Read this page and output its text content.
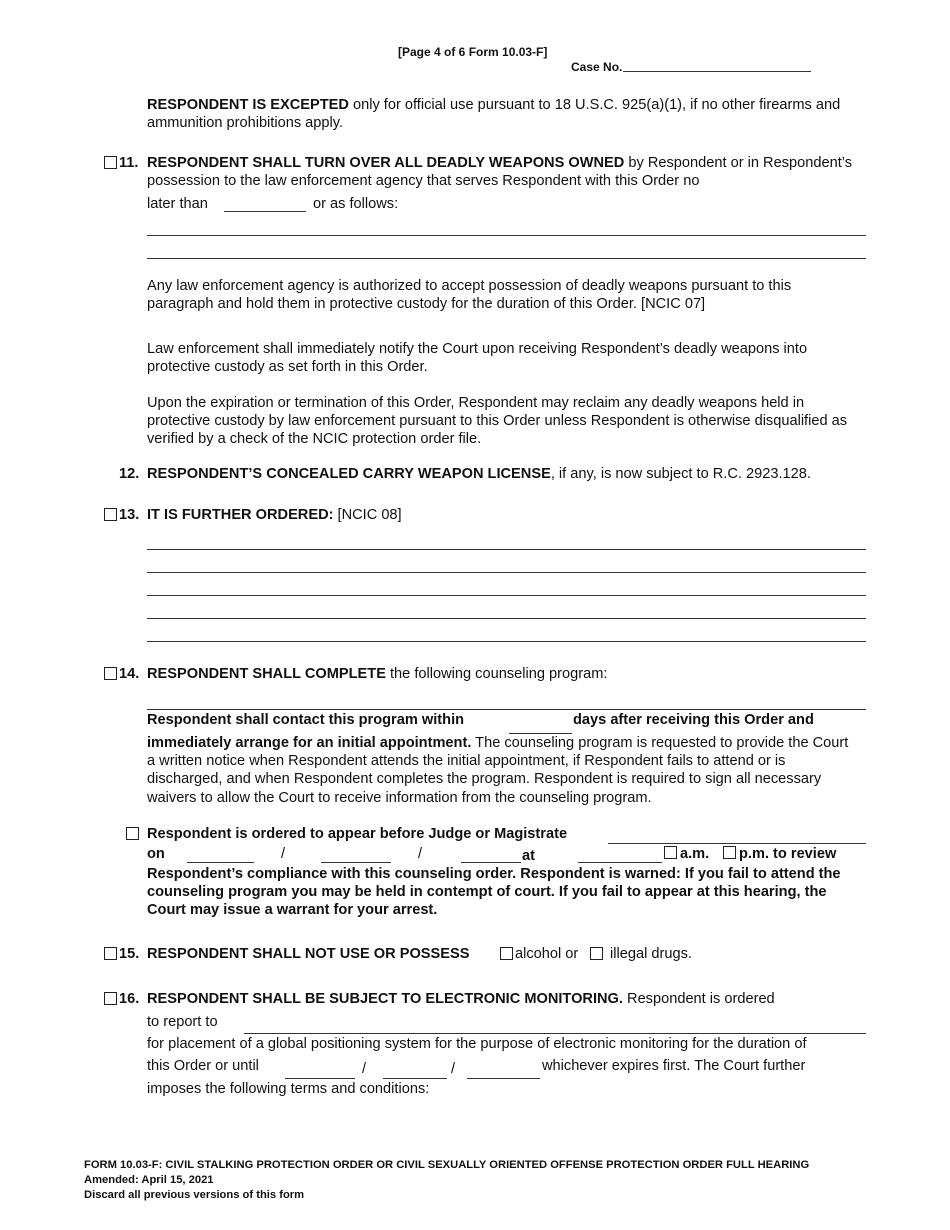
[Page 4 of 6 Form 10.03-F]
Case No.
RESPONDENT IS EXCEPTED only for official use pursuant to 18 U.S.C. 925(a)(1), if no other firearms and ammunition prohibitions apply.
11. RESPONDENT SHALL TURN OVER ALL DEADLY WEAPONS OWNED by Respondent or in Respondent’s possession to the law enforcement agency that serves Respondent with this Order no
later than	or as follows:
Any law enforcement agency is authorized to accept possession of deadly weapons pursuant to this paragraph and hold them in protective custody for the duration of this Order. [NCIC 07]
Law enforcement shall immediately notify the Court upon receiving Respondent’s deadly weapons into protective custody as set forth in this Order.
Upon the expiration or termination of this Order, Respondent may reclaim any deadly weapons held in protective custody by law enforcement pursuant to this Order unless Respondent is otherwise disqualified as verified by a check of the NCIC protection order file.
12. RESPONDENT’S CONCEALED CARRY WEAPON LICENSE, if any, is now subject to R.C. 2923.128.
13. IT IS FURTHER ORDERED: [NCIC 08]
14. RESPONDENT SHALL COMPLETE the following counseling program:
Respondent shall contact this program within	days after receiving this Order and
immediately arrange for an initial appointment. The counseling program is requested to provide the Court a written notice when Respondent attends the initial appointment, if Respondent fails to attend or is discharged, and when Respondent completes the program. Respondent is required to sign all necessary waivers to allow the Court to receive information from the counseling program.
Respondent is ordered to appear before Judge or Magistrate
on	/	/	at	a.m. p.m. to review
Respondent’s compliance with this counseling order. Respondent is warned: If you fail to attend the counseling program you may be held in contempt of court. If you fail to appear at this hearing, the Court may issue a warrant for your arrest.
15. RESPONDENT SHALL NOT USE OR POSSESS	alcohol or illegal drugs.
16. RESPONDENT SHALL BE SUBJECT TO ELECTRONIC MONITORING. Respondent is ordered
to report to
for placement of a global positioning system for the purpose of electronic monitoring for the duration of
this Order or until	/	/	whichever expires first. The Court further
imposes the following terms and conditions:
FORM 10.03-F: CIVIL STALKING PROTECTION ORDER OR CIVIL SEXUALLY ORIENTED OFFENSE PROTECTION ORDER FULL HEARING
Amended: April 15, 2021
Discard all previous versions of this form
